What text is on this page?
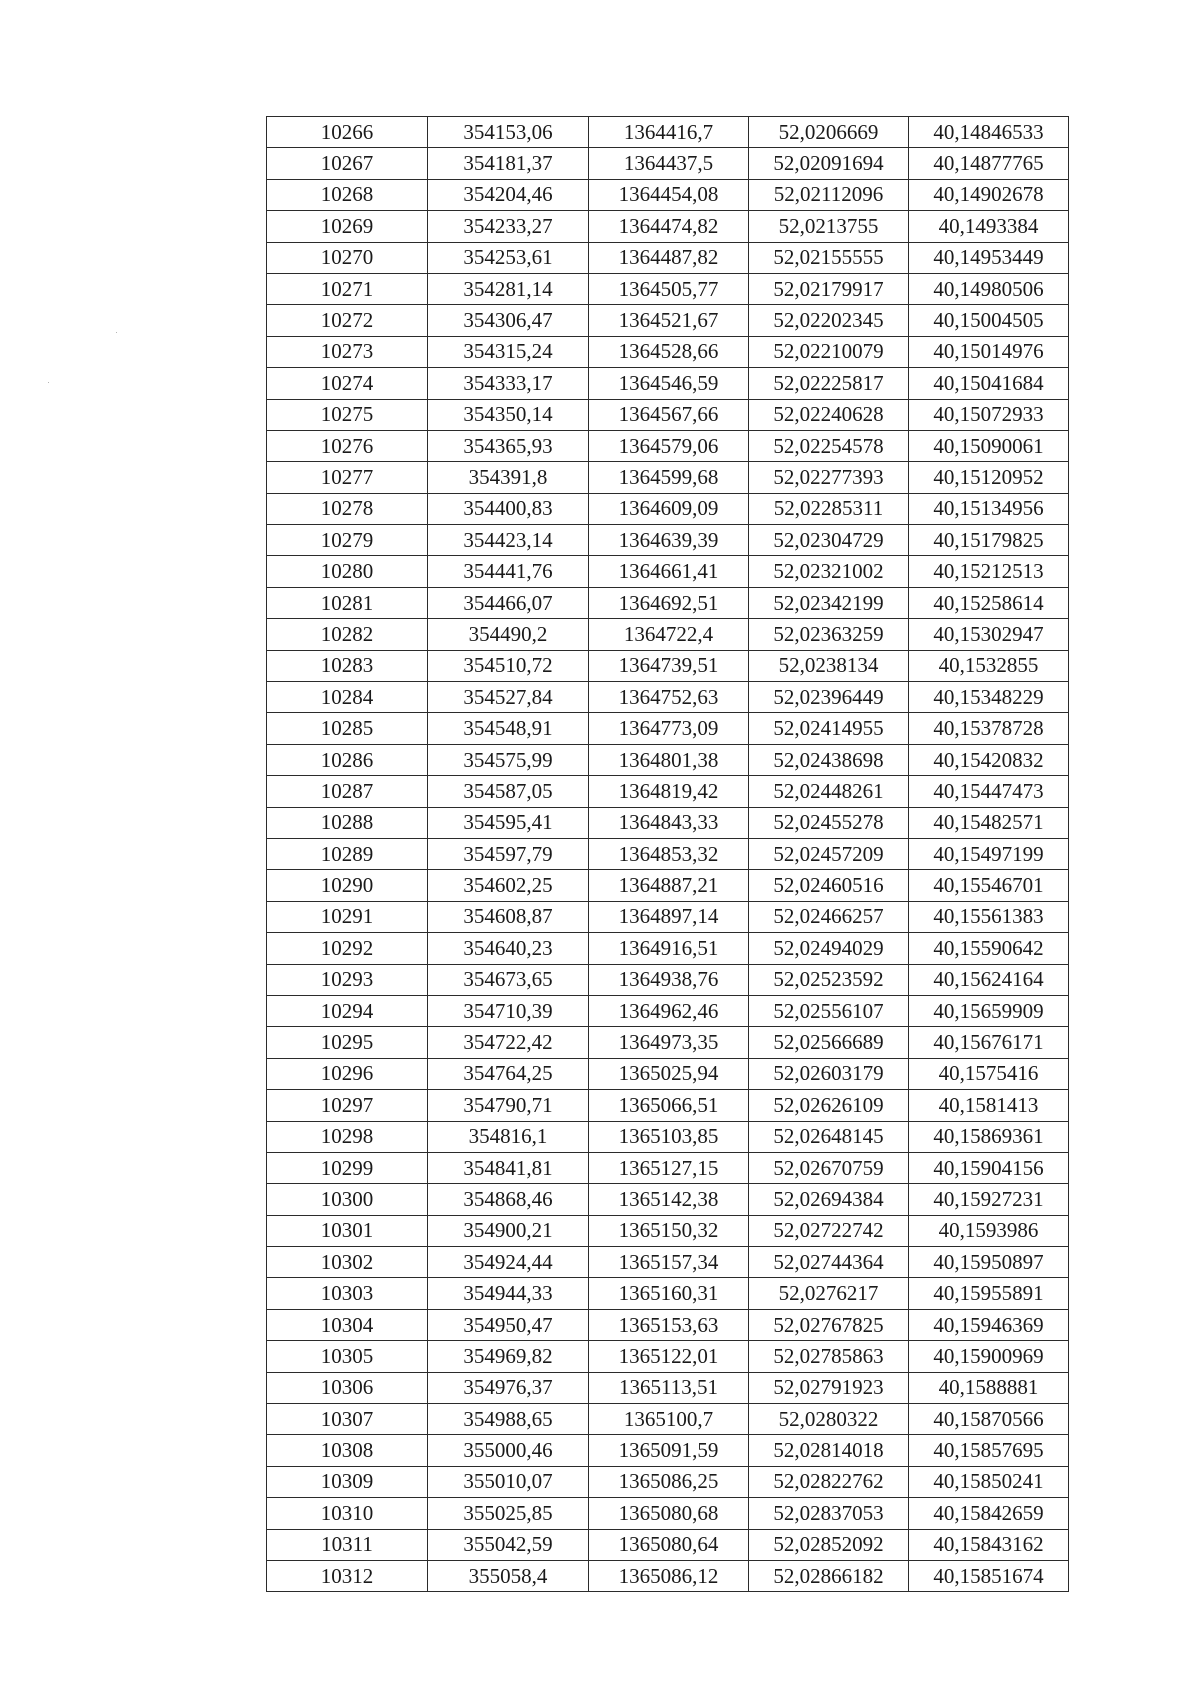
10266	354153,06	1364416,7	52,0206669	40,14846533
10267	354181,37	1364437,5	52,02091694	40,14877765
10268	354204,46	1364454,08	52,02112096	40,14902678
10269	354233,27	1364474,82	52,0213755	40,1493384
10270	354253,61	1364487,82	52,02155555	40,14953449
10271	354281,14	1364505,77	52,02179917	40,14980506
10272	354306,47	1364521,67	52,02202345	40,15004505
10273	354315,24	1364528,66	52,02210079	40,15014976
10274	354333,17	1364546,59	52,02225817	40,15041684
10275	354350,14	1364567,66	52,02240628	40,15072933
10276	354365,93	1364579,06	52,02254578	40,15090061
10277	354391,8	1364599,68	52,02277393	40,15120952
10278	354400,83	1364609,09	52,02285311	40,15134956
10279	354423,14	1364639,39	52,02304729	40,15179825
10280	354441,76	1364661,41	52,02321002	40,15212513
10281	354466,07	1364692,51	52,02342199	40,15258614
10282	354490,2	1364722,4	52,02363259	40,15302947
10283	354510,72	1364739,51	52,0238134	40,1532855
10284	354527,84	1364752,63	52,02396449	40,15348229
10285	354548,91	1364773,09	52,02414955	40,15378728
10286	354575,99	1364801,38	52,02438698	40,15420832
10287	354587,05	1364819,42	52,02448261	40,15447473
10288	354595,41	1364843,33	52,02455278	40,15482571
10289	354597,79	1364853,32	52,02457209	40,15497199
10290	354602,25	1364887,21	52,02460516	40,15546701
10291	354608,87	1364897,14	52,02466257	40,15561383
10292	354640,23	1364916,51	52,02494029	40,15590642
10293	354673,65	1364938,76	52,02523592	40,15624164
10294	354710,39	1364962,46	52,02556107	40,15659909
10295	354722,42	1364973,35	52,02566689	40,15676171
10296	354764,25	1365025,94	52,02603179	40,1575416
10297	354790,71	1365066,51	52,02626109	40,1581413
10298	354816,1	1365103,85	52,02648145	40,15869361
10299	354841,81	1365127,15	52,02670759	40,15904156
10300	354868,46	1365142,38	52,02694384	40,15927231
10301	354900,21	1365150,32	52,02722742	40,1593986
10302	354924,44	1365157,34	52,02744364	40,15950897
10303	354944,33	1365160,31	52,0276217	40,15955891
10304	354950,47	1365153,63	52,02767825	40,15946369
10305	354969,82	1365122,01	52,02785863	40,15900969
10306	354976,37	1365113,51	52,02791923	40,1588881
10307	354988,65	1365100,7	52,0280322	40,15870566
10308	355000,46	1365091,59	52,02814018	40,15857695
10309	355010,07	1365086,25	52,02822762	40,15850241
10310	355025,85	1365080,68	52,02837053	40,15842659
10311	355042,59	1365080,64	52,02852092	40,15843162
10312	355058,4	1365086,12	52,02866182	40,15851674
